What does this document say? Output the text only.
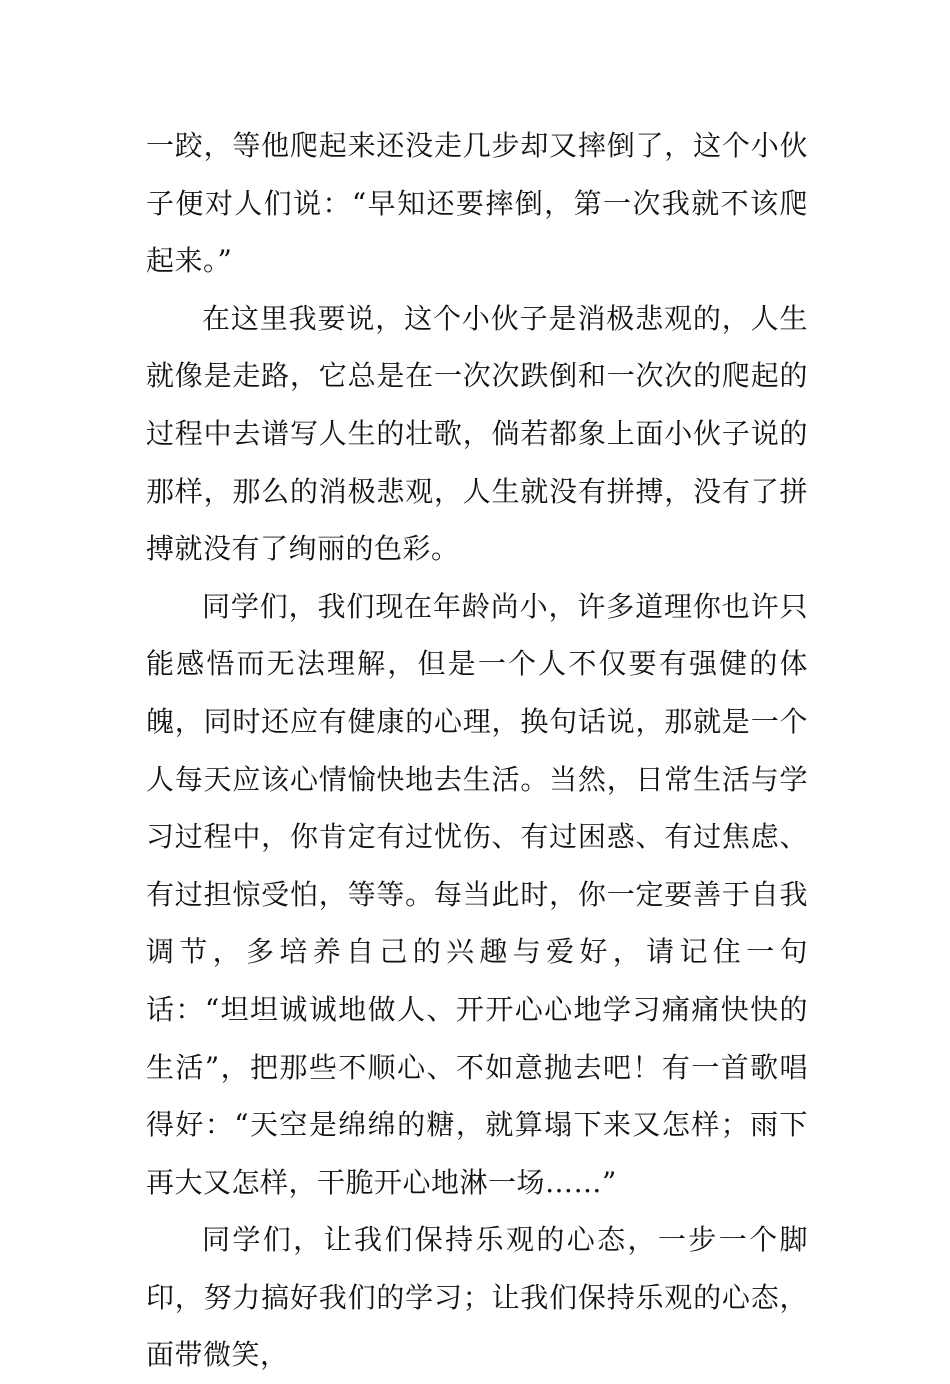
一跤，等他爬起来还没走几步却又摔倒了，这个小伙子便对人们说：“早知还要摔倒，第一次我就不该爬起来。”

在这里我要说，这个小伙子是消极悲观的，人生就像是走路，它总是在一次次跌倒和一次次的爬起的过程中去谱写人生的壮歌，倘若都象上面小伙子说的那样，那么的消极悲观，人生就没有拼搏，没有了拼搏就没有了绚丽的色彩。

同学们，我们现在年龄尚小，许多道理你也许只能感悟而无法理解，但是一个人不仅要有强健的体魄，同时还应有健康的心理，换句话说，那就是一个人每天应该心情愉快地去生活。当然，日常生活与学习过程中，你肯定有过忧伤、有过困惑、有过焦虑、有过担惊受怕，等等。每当此时，你一定要善于自我调节，多培养自己的兴趣与爱好，请记住一句话：“坦坦诚诚地做人、开开心心地学习痛痛快快的生活”，把那些不顺心、不如意抛去吧！有一首歌唱得好：“天空是绵绵的糖，就算塌下来又怎样；雨下再大又怎样，干脆开心地淋一场……”

同学们，让我们保持乐观的心态，一步一个脚印，努力搞好我们的学习；让我们保持乐观的心态，面带微笑，
